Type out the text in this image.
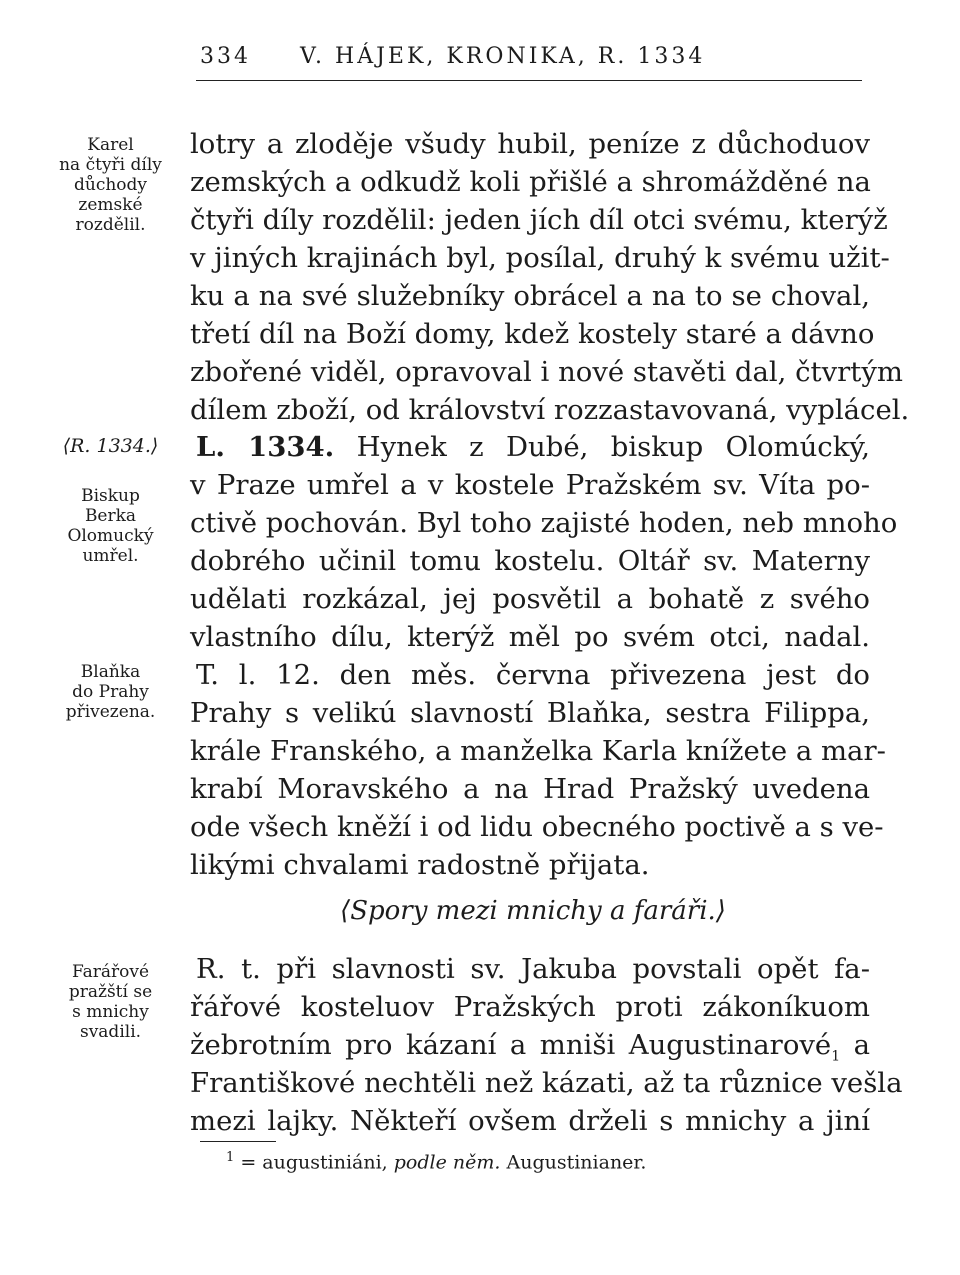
334 V. HÁJEK, KRONIKA, R. 1334
Karel
na čtyři díly
důchody
zemské
rozdělil.
⟨R. 1334.⟩
Biskup
Berka
Olomucký
umřel.
Blaňka
do Prahy
přivezena.
Farářové
pražští se
s mnichy
svadili.
lotry a zloděje všudy hubil, peníze z důchoduov
zemských a odkudž koli přišlé a shromážděné na
čtyři díly rozdělil: jeden jích díl otci svému, kterýž
v jiných krajinách byl, posílal, druhý k svému užit-
ku a na své služebníky obrácel a na to se choval,
třetí díl na Boží domy, kdež kostely staré a dávno
zbořené viděl, opravoval i nové stavěti dal, čtvrtým
dílem zboží, od království rozzastavovaná, vyplácel.
L. 1334. Hynek z Dubé, biskup Olomúcký,
v Praze umřel a v kostele Pražském sv. Víta po-
ctivě pochován. Byl toho zajisté hoden, neb mnoho
dobrého učinil tomu kostelu. Oltář sv. Materny
udělati rozkázal, jej posvětil a bohatě z svého
vlastního dílu, kterýž měl po svém otci, nadal.
T. l. 12. den měs. června přivezena jest do
Prahy s velikú slavností Blaňka, sestra Filippa,
krále Franského, a manželka Karla knížete a mar-
krabí Moravského a na Hrad Pražský uvedena
ode všech kněží i od lidu obecného poctivě a s ve-
likými chvalami radostně přijata.
⟨Spory mezi mnichy a faráři.⟩
R. t. při slavnosti sv. Jakuba povstali opět fa-
řářové kosteluov Pražských proti zákoníkuom
žebrotním pro kázaní a mniši Augustinarové$_1$ a
Františkové nechtěli než kázati, až ta různice vešla
mezi lajky. Někteří ovšem drželi s mnichy a jiní
$^1$ = augustiniáni, podle něm. Augustinianer.
